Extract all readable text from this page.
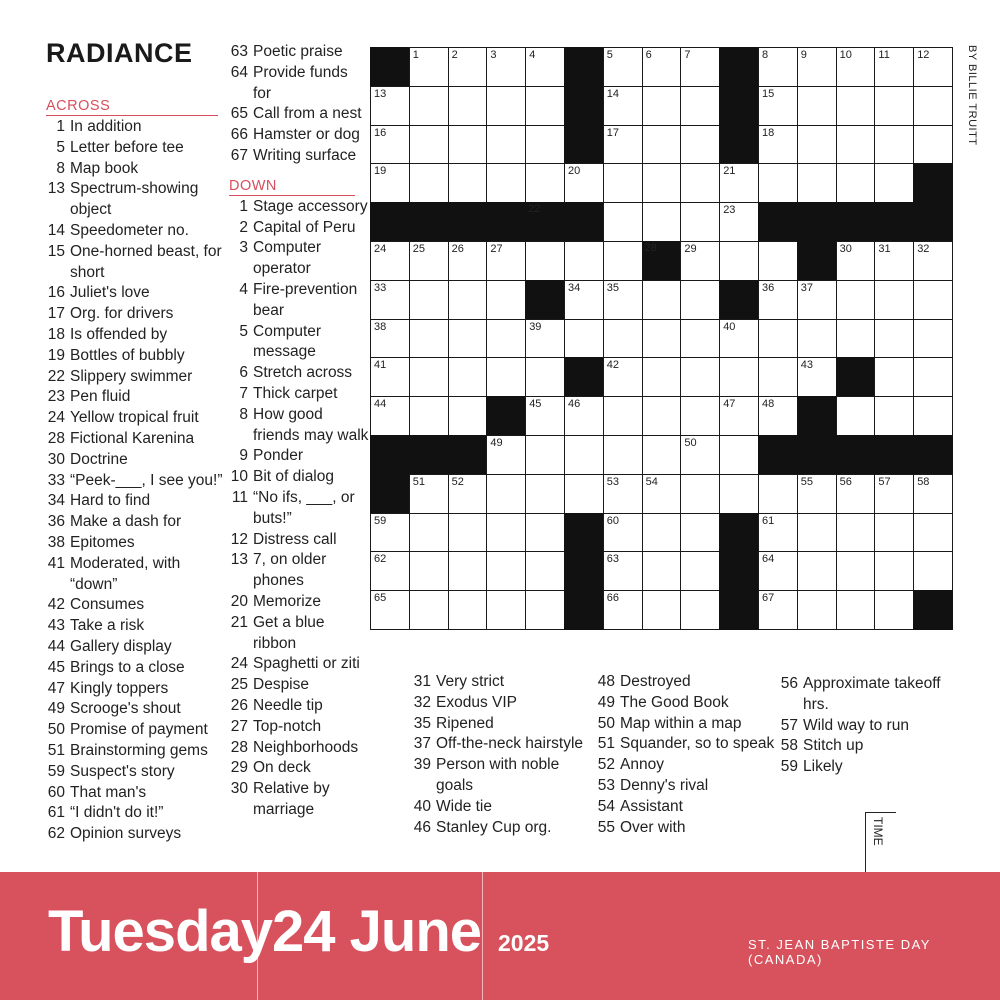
RADIANCE
ACROSS
1 In addition
5 Letter before tee
8 Map book
13 Spectrum-showing object
14 Speedometer no.
15 One-horned beast, for short
16 Juliet's love
17 Org. for drivers
18 Is offended by
19 Bottles of bubbly
22 Slippery swimmer
23 Pen fluid
24 Yellow tropical fruit
28 Fictional Karenina
30 Doctrine
33 “Peek-___, I see you!”
34 Hard to find
36 Make a dash for
38 Epitomes
41 Moderated, with “down”
42 Consumes
43 Take a risk
44 Gallery display
45 Brings to a close
47 Kingly toppers
49 Scrooge's shout
50 Promise of payment
51 Brainstorming gems
59 Suspect's story
60 That man's
61 “I didn't do it!”
62 Opinion surveys
63 Poetic praise
64 Provide funds for
65 Call from a nest
66 Hamster or dog
67 Writing surface
DOWN
1 Stage accessory
2 Capital of Peru
3 Computer operator
4 Fire-prevention bear
5 Computer message
6 Stretch across
7 Thick carpet
8 How good friends may walk
9 Ponder
10 Bit of dialog
11 “No ifs, ___, or buts!”
12 Distress call
13 7, on older phones
20 Memorize
21 Get a blue ribbon
24 Spaghetti or ziti
25 Despise
26 Needle tip
27 Top-notch
28 Neighborhoods
29 On deck
30 Relative by marriage
31 Very strict
32 Exodus VIP
35 Ripened
37 Off-the-neck hairstyle
39 Person with noble goals
40 Wide tie
46 Stanley Cup org.
48 Destroyed
49 The Good Book
50 Map within a map
51 Squander, so to speak
52 Annoy
53 Denny's rival
54 Assistant
55 Over with
56 Approximate takeoff hrs.
57 Wild way to run
58 Stitch up
59 Likely
1	2	3	4	5	6	7	8	9	10 11 12
13	14	15
16	17	18
19	20	21
22	23
24 25 26 27	28	29	30 31 32
33	34 35	36 37
38	39	40
41	42	43
44	45 46	47 48
49	50
51 52	53 54	55 56 57 58
59	60	61
62	63	64
65	66	67
BY BILLIE TRUITT
TIME
Tuesday 24 June 2025	ST. JEAN BAPTISTE DAY (CANADA)
